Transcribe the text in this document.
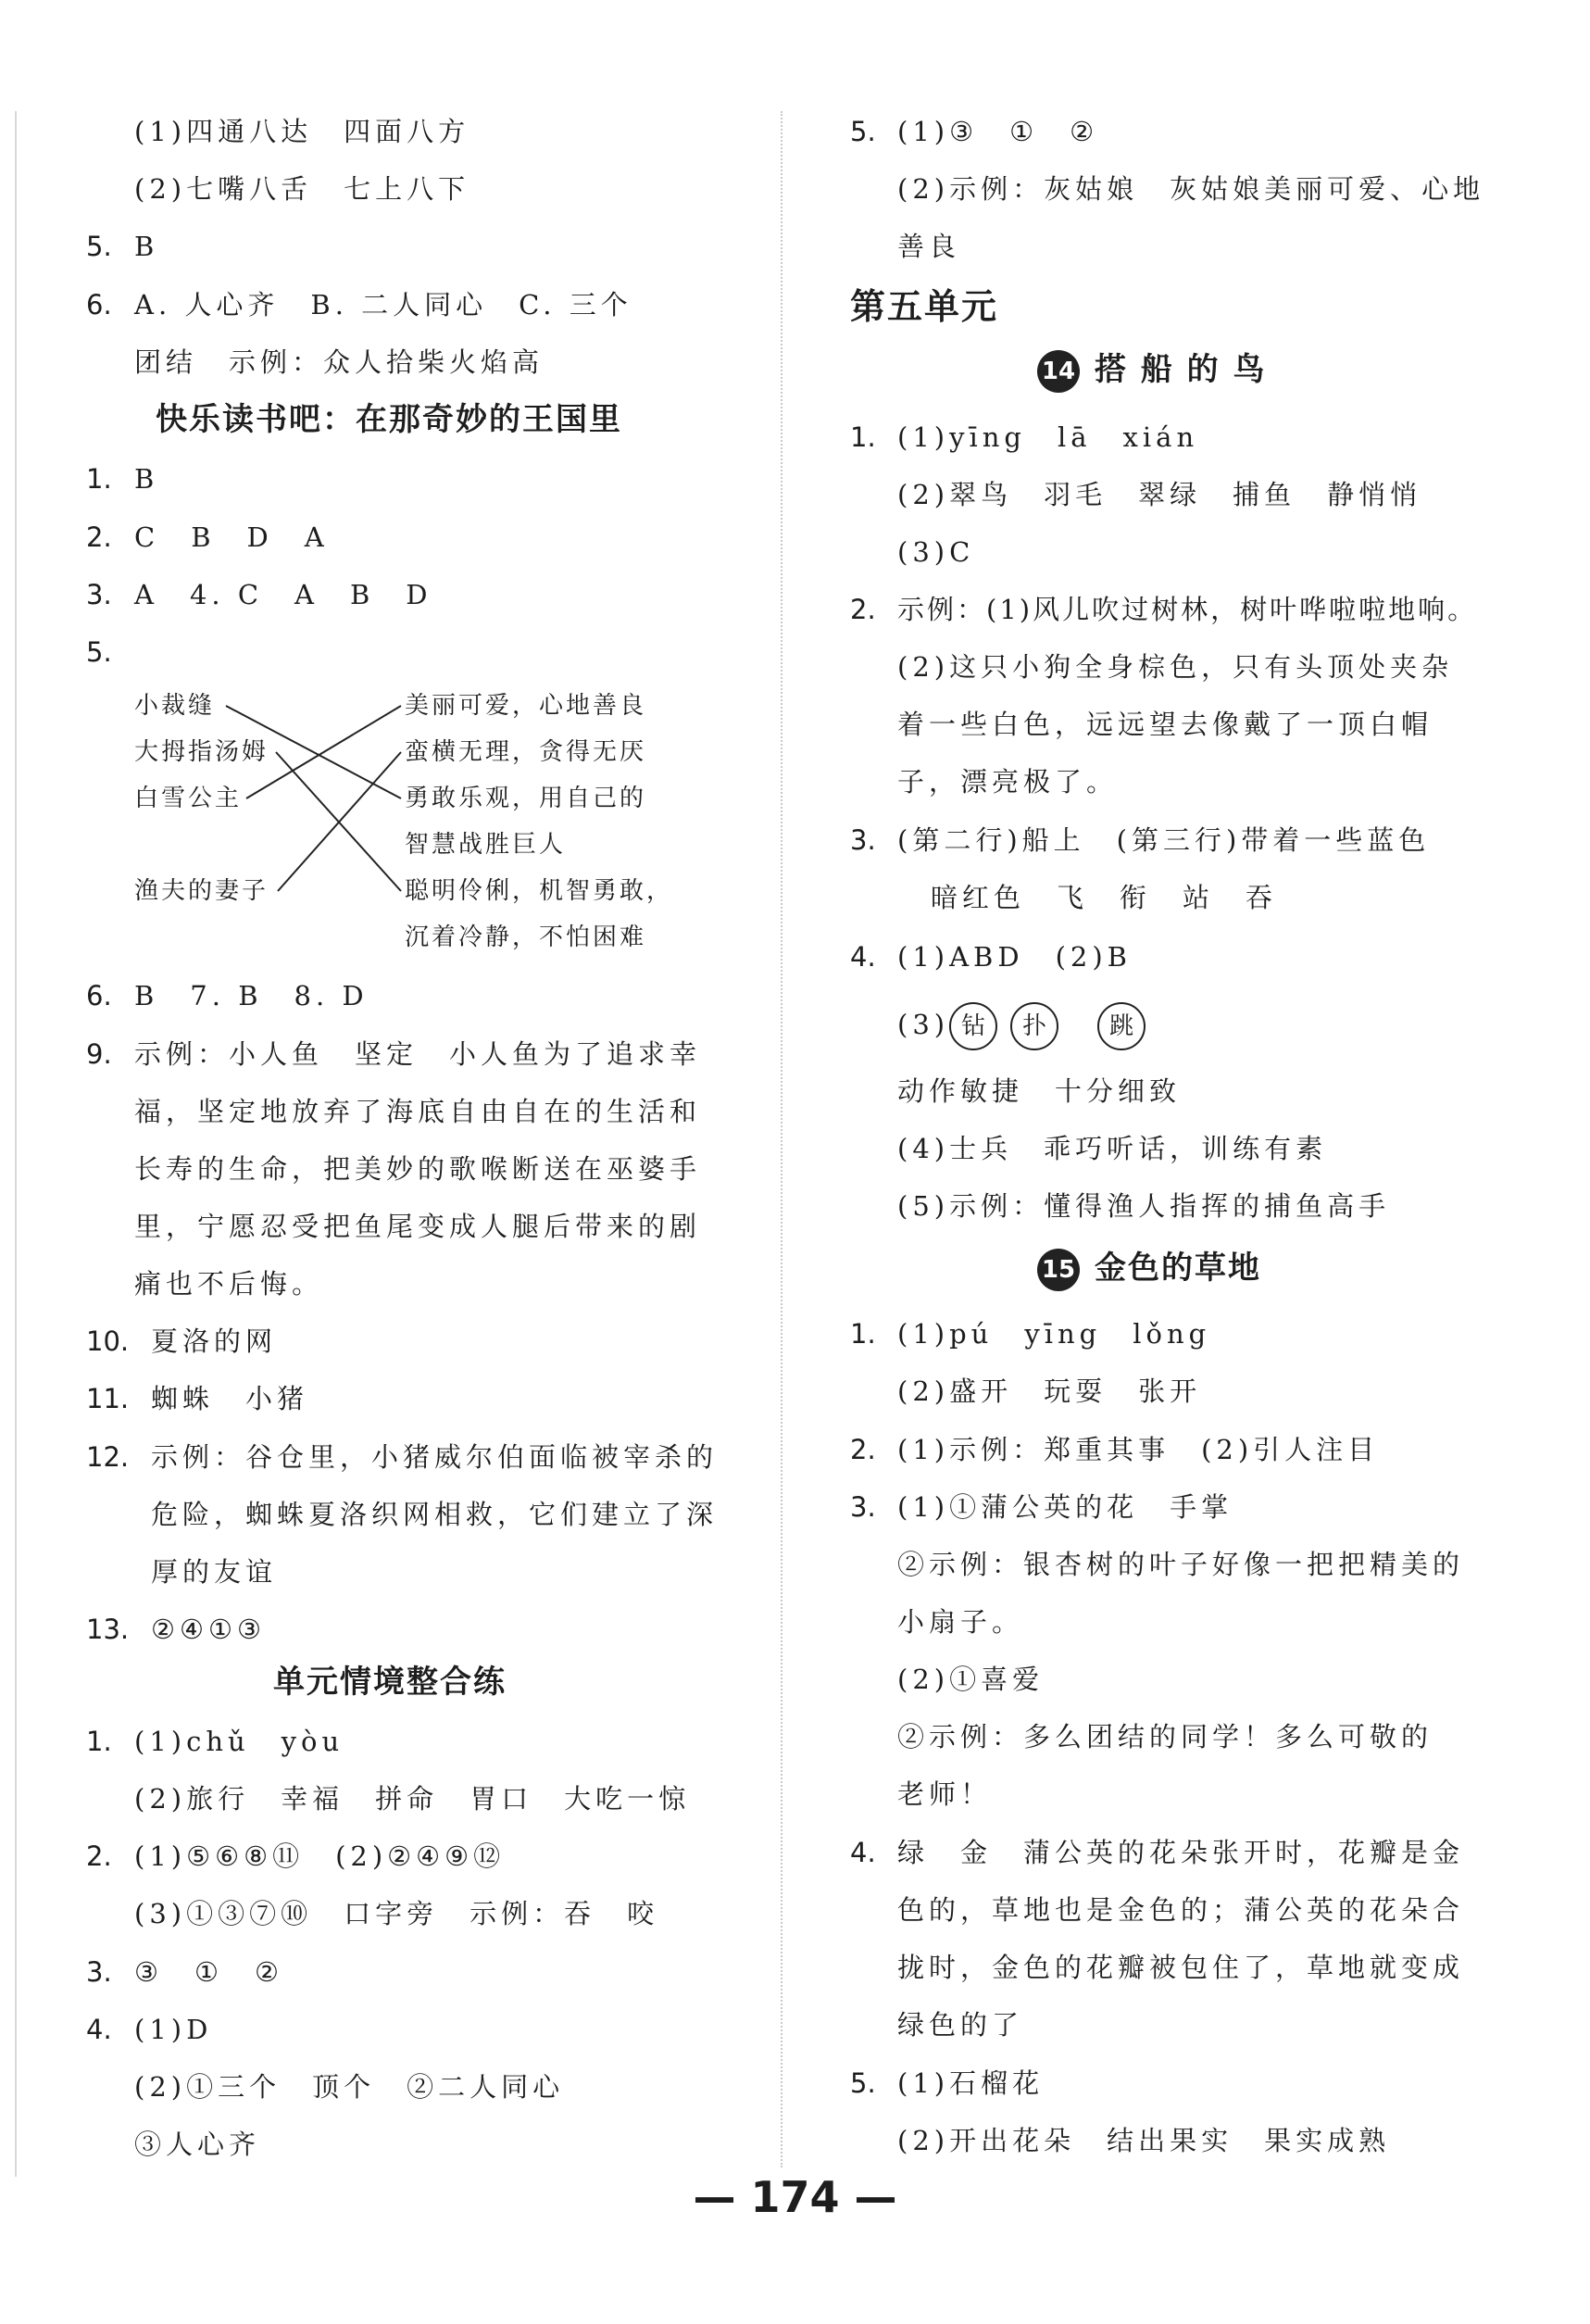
(1)四通八达　四面八方
(2)七嘴八舌　七上八下
5. B
6. A. 人心齐　B. 二人同心　C. 三个
团结　示例：众人拾柴火焰高
快乐读书吧：在那奇妙的王国里
1. B
2. C　B　D　A
3. A　4. C　A　B　D
5.
小裁缝
大拇指汤姆
白雪公主
渔夫的妻子
美丽可爱，心地善良
蛮横无理，贪得无厌
勇敢乐观，用自己的
智慧战胜巨人
聪明伶俐，机智勇敢，
沉着冷静，不怕困难
6. B　7. B　8. D
9. 示例：小人鱼　坚定　小人鱼为了追求幸
福，坚定地放弃了海底自由自在的生活和
长寿的生命，把美妙的歌喉断送在巫婆手
里，宁愿忍受把鱼尾变成人腿后带来的剧
痛也不后悔。
10. 夏洛的网
11. 蜘蛛　小猪
12. 示例：谷仓里，小猪威尔伯面临被宰杀的
危险，蜘蛛夏洛织网相救，它们建立了深
厚的友谊
13. ②④①③
单元情境整合练
1. (1)chǔ　yòu
(2)旅行　幸福　拼命　胃口　大吃一惊
2. (1)⑤⑥⑧⑪　(2)②④⑨⑫
(3)①③⑦⑩　口字旁　示例：吞　咬
3. ③　①　②
4. (1)D
(2)①三个　顶个　②二人同心
③人心齐
5. (1)③　①　②
(2)示例：灰姑娘　灰姑娘美丽可爱、心地
善良
第五单元
14 搭 船 的 鸟
1. (1)yīng　lā　xián
(2)翠鸟　羽毛　翠绿　捕鱼　静悄悄
(3)C
2. 示例：(1)风儿吹过树林，树叶哗啦啦地响。
(2)这只小狗全身棕色，只有头顶处夹杂
着一些白色，远远望去像戴了一顶白帽
子，漂亮极了。
3. (第二行)船上　(第三行)带着一些蓝色
暗红色　飞　衔　站　吞
4. (1)ABD　(2)B
(3) 钻 扑	跳
动作敏捷　十分细致
(4)士兵　乖巧听话，训练有素
(5)示例：懂得渔人指挥的捕鱼高手
15 金色的草地
1. (1)pú　yīng　lǒng
(2)盛开　玩耍　张开
2. (1)示例：郑重其事　(2)引人注目
3. (1)①蒲公英的花　手掌
②示例：银杏树的叶子好像一把把精美的
小扇子。
(2)①喜爱
②示例：多么团结的同学！多么可敬的
老师！
4. 绿　金　蒲公英的花朵张开时，花瓣是金
色的，草地也是金色的；蒲公英的花朵合
拢时，金色的花瓣被包住了，草地就变成
绿色的了
5. (1)石榴花
(2)开出花朵　结出果实　果实成熟
— 174 —
